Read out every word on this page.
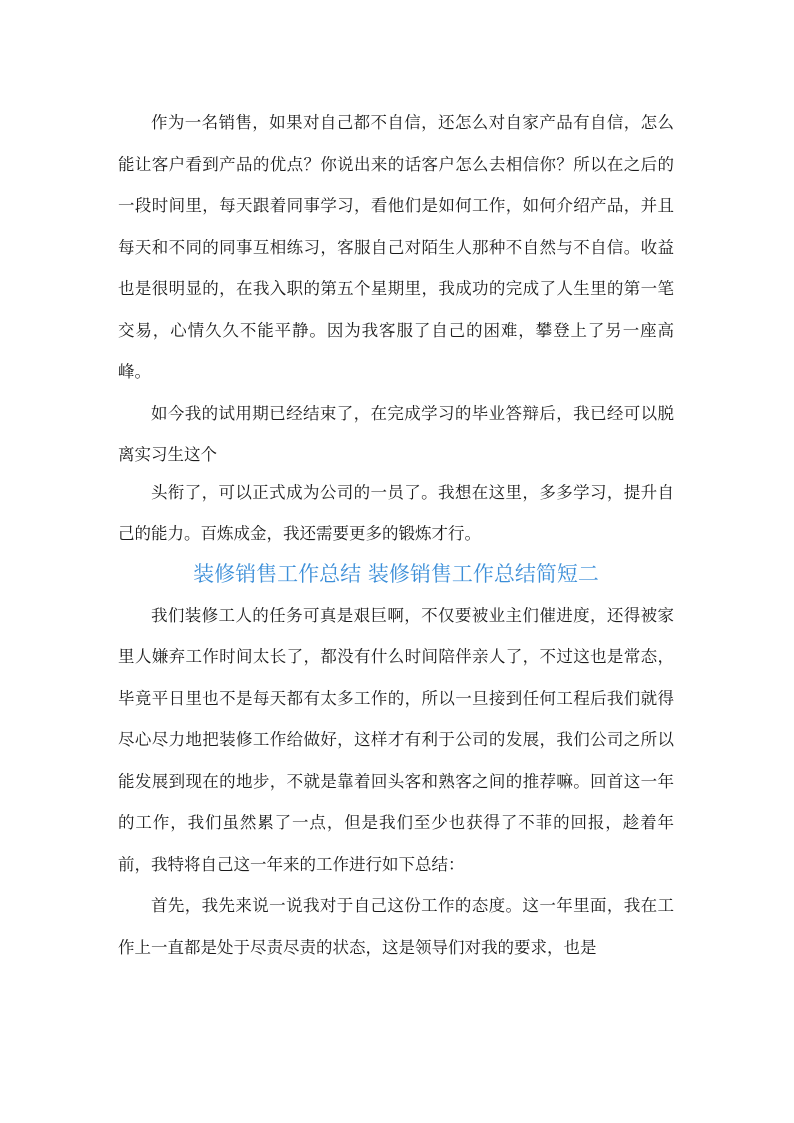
作为一名销售，如果对自己都不自信，还怎么对自家产品有自信，怎么能让客户看到产品的优点？你说出来的话客户怎么去相信你？所以在之后的一段时间里，每天跟着同事学习，看他们是如何工作，如何介绍产品，并且每天和不同的同事互相练习，客服自己对陌生人那种不自然与不自信。收益也是很明显的，在我入职的第五个星期里，我成功的完成了人生里的第一笔交易，心情久久不能平静。因为我客服了自己的困难，攀登上了另一座高峰。

如今我的试用期已经结束了，在完成学习的毕业答辩后，我已经可以脱离实习生这个

头衔了，可以正式成为公司的一员了。我想在这里，多多学习，提升自己的能力。百炼成金，我还需要更多的锻炼才行。

装修销售工作总结 装修销售工作总结简短二

我们装修工人的任务可真是艰巨啊，不仅要被业主们催进度，还得被家里人嫌弃工作时间太长了，都没有什么时间陪伴亲人了，不过这也是常态，毕竟平日里也不是每天都有太多工作的，所以一旦接到任何工程后我们就得尽心尽力地把装修工作给做好，这样才有利于公司的发展，我们公司之所以能发展到现在的地步，不就是靠着回头客和熟客之间的推荐嘛。回首这一年的工作，我们虽然累了一点，但是我们至少也获得了不菲的回报，趁着年前，我特将自己这一年来的工作进行如下总结：

首先，我先来说一说我对于自己这份工作的态度。这一年里面，我在工作上一直都是处于尽责尽责的状态，这是领导们对我的要求，也是
